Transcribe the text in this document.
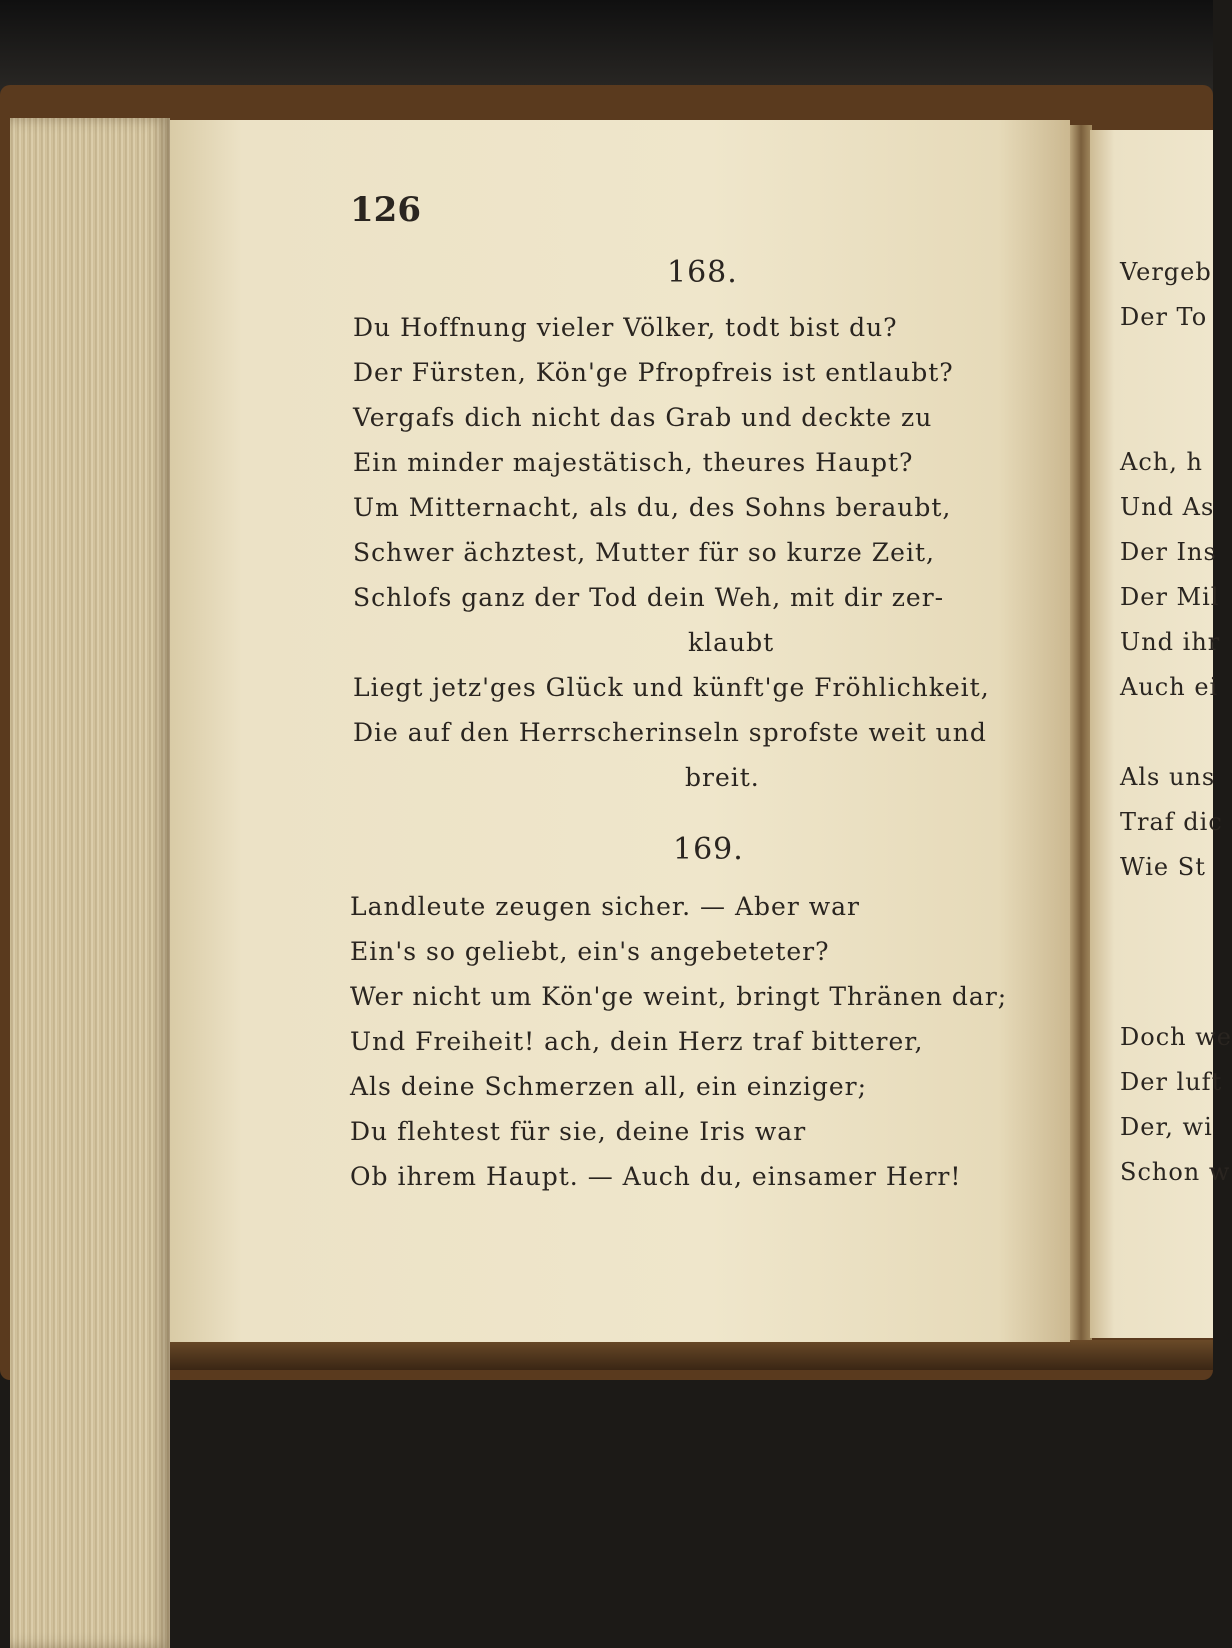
126
168.
Du Hoffnung vieler Völker, todt bist du?
Der Fürsten, Kön'ge Pfropfreis ist entlaubt?
Vergafs dich nicht das Grab und deckte zu
Ein minder majestätisch, theures Haupt?
Um Mitternacht, als du, des Sohns beraubt,
Schwer ächztest, Mutter für so kurze Zeit,
Schlofs ganz der Tod dein Weh, mit dir zer-
klaubt
Liegt jetz'ges Glück und künft'ge Fröhlichkeit,
Die auf den Herrscherinseln sprofste weit und
breit.
169.
Landleute zeugen sicher. — Aber war
Ein's so geliebt, ein's angebeteter?
Wer nicht um Kön'ge weint, bringt Thränen dar;
Und Freiheit! ach, dein Herz traf bitterer,
Als deine Schmerzen all, ein einziger;
Du flehtest für sie, deine Iris war
Ob ihrem Haupt. — Auch du, einsamer Herr!
Vergeb
Der To
Ach, h
Und As
Der Ins
Der Mil
Und ihr
Auch ei
Als uns
Traf dic
Wie St
Doch we
Der luft
Der, wi
Schon w
